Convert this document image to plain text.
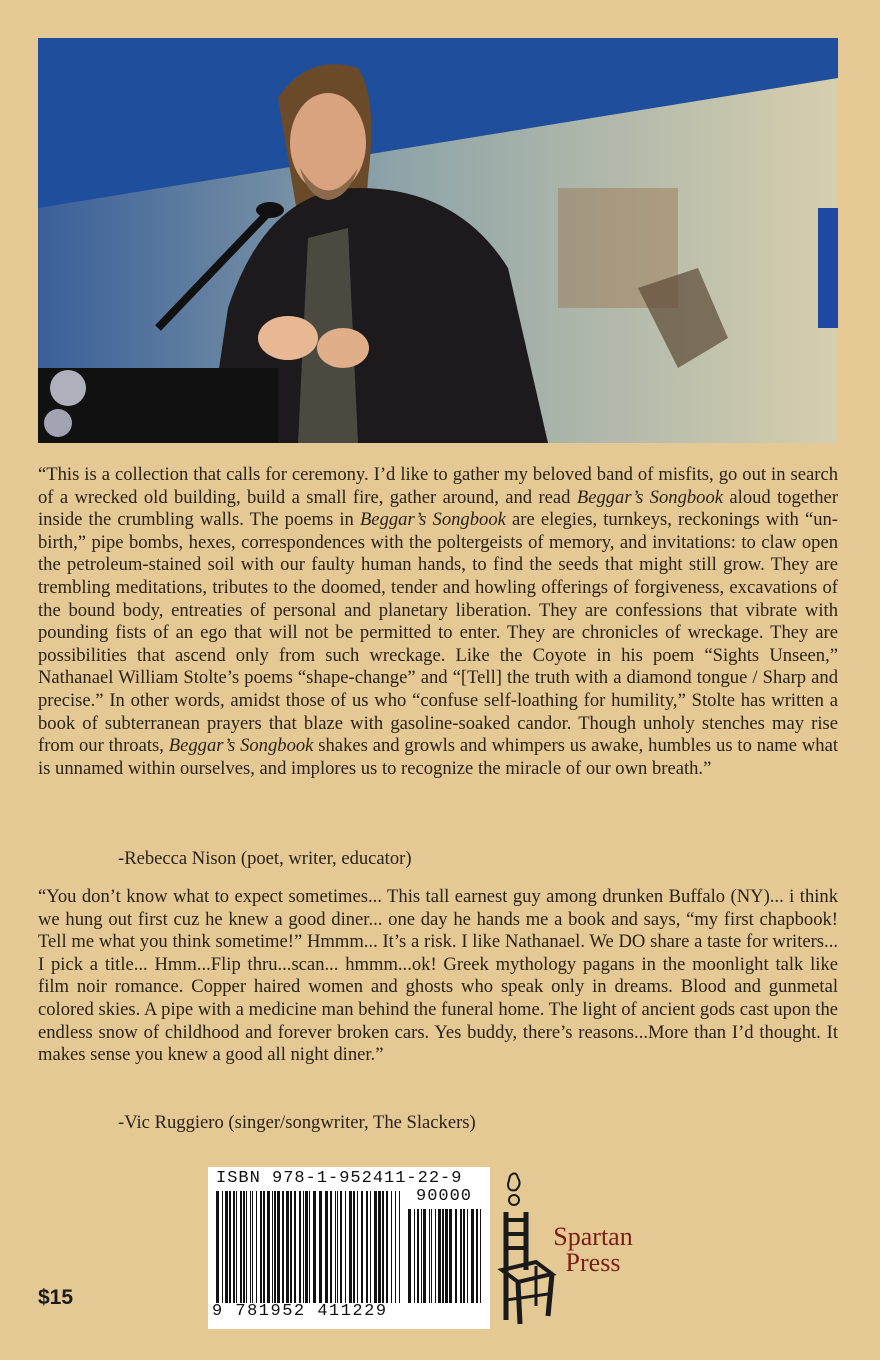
“This is a collection that calls for ceremony. I’d like to gather my beloved band of misfits, go out in search of a wrecked old building, build a small fire, gather around, and read Beggar’s Songbook aloud together inside the crumbling walls. The poems in Beggar’s Songbook are elegies, turnkeys, reckonings with “un-birth,” pipe bombs, hexes, correspondences with the poltergeists of memory, and invitations: to claw open the petroleum-stained soil with our faulty human hands, to find the seeds that might still grow. They are trembling meditations, tributes to the doomed, tender and howling offerings of forgiveness, excavations of the bound body, entreaties of personal and planetary liberation. They are confessions that vibrate with pounding fists of an ego that will not be permitted to enter. They are chronicles of wreckage. They are possibilities that ascend only from such wreckage. Like the Coyote in his poem “Sights Unseen,” Nathanael William Stolte’s poems “shape-change” and “[Tell] the truth with a diamond tongue / Sharp and precise.” In other words, amidst those of us who “confuse self-loathing for humility,” Stolte has written a book of subterranean prayers that blaze with gasoline-soaked candor. Though unholy stenches may rise from our throats, Beggar’s Songbook shakes and growls and whimpers us awake, humbles us to name what is unnamed within ourselves, and implores us to recognize the miracle of our own breath.”

-Rebecca Nison (poet, writer, educator)

“You don’t know what to expect sometimes... This tall earnest guy among drunken Buffalo (NY)... i think we hung out first cuz he knew a good diner... one day he hands me a book and says, “my first chapbook! Tell me what you think sometime!” Hmmm... It’s a risk. I like Nathanael. We DO share a taste for writers... I pick a title... Hmm...Flip thru...scan... hmmm...ok! Greek mythology pagans in the moonlight talk like film noir romance. Copper haired women and ghosts who speak only in dreams. Blood and gunmetal colored skies. A pipe with a medicine man behind the funeral home. The light of ancient gods cast upon the endless snow of childhood and forever broken cars. Yes buddy, there’s reasons...More than I’d thought. It makes sense you knew a good all night diner.”

-Vic Ruggiero (singer/songwriter, The Slackers)

ISBN 978-1-952411-22-9
90000
9 781952 411229
Spartan
Press
$15
